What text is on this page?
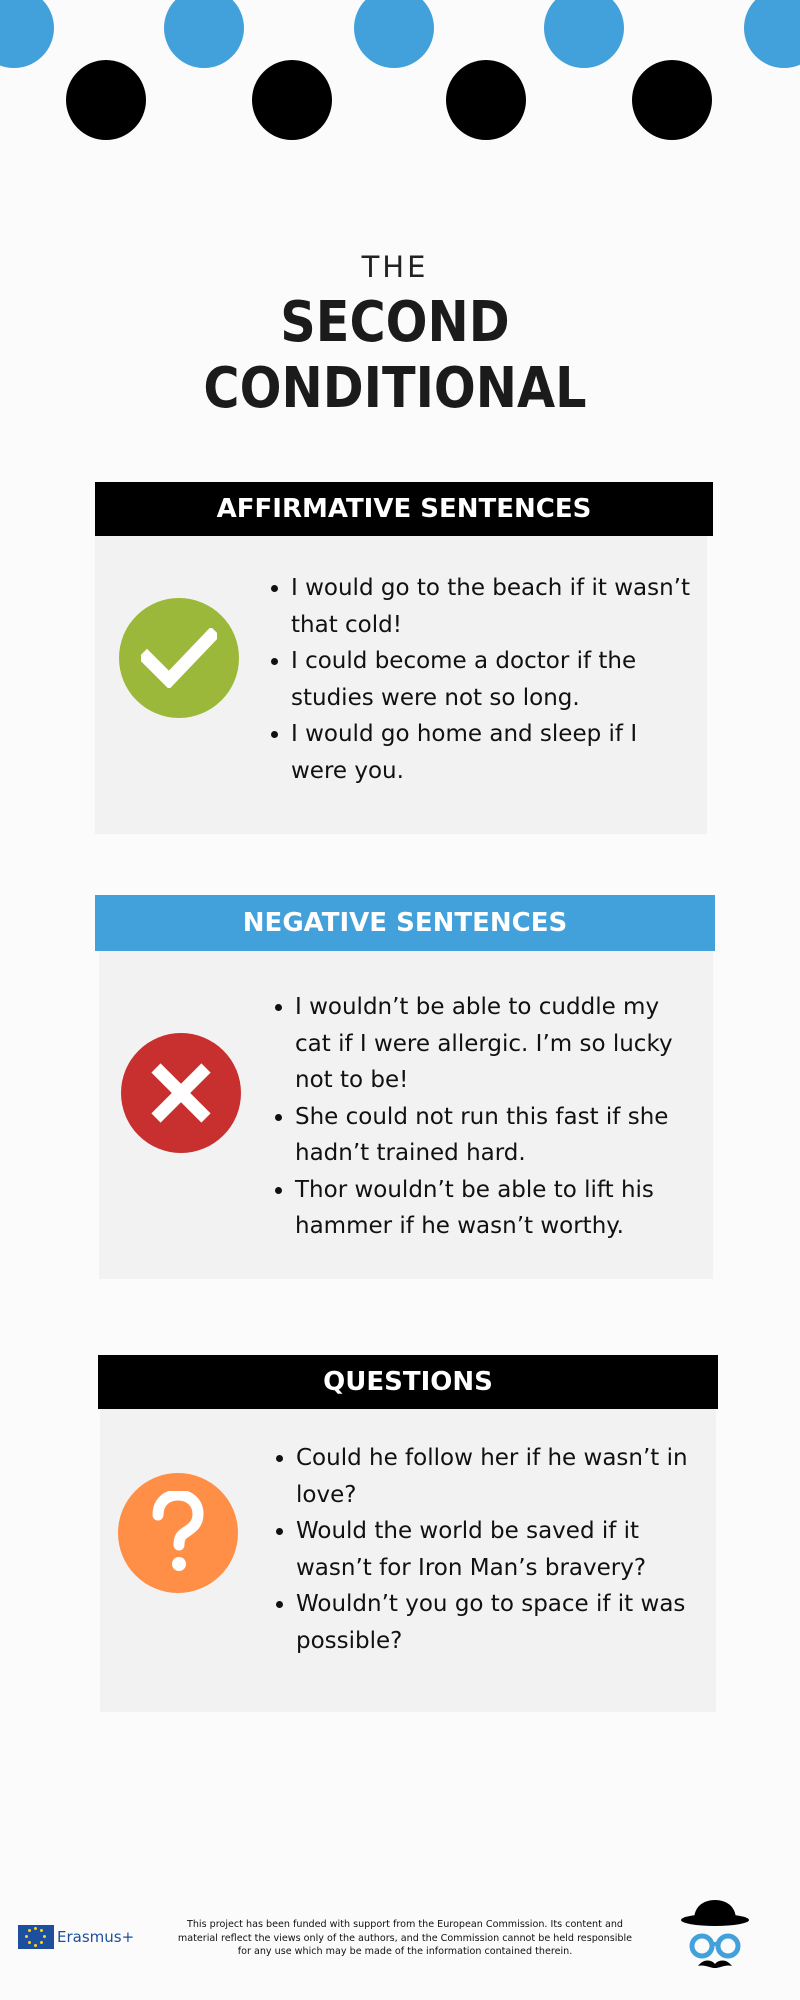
THE
SECOND
CONDITIONAL
AFFIRMATIVE SENTENCES
• I would go to the beach if it wasn’t that cold!
• I could become a doctor if the studies were not so long.
• I would go home and sleep if I were you.
NEGATIVE SENTENCES
• I wouldn’t be able to cuddle my cat if I were allergic. I’m so lucky not to be!
• She could not run this fast if she hadn’t trained hard.
• Thor wouldn’t be able to lift his hammer if he wasn’t worthy.
QUESTIONS
• Could he follow her if he wasn’t in love?
• Would the world be saved if it wasn’t for Iron Man’s bravery?
• Wouldn’t you go to space if it was possible?
Erasmus+
This project has been funded with support from the European Commission. Its content and
material reflect the views only of the authors, and the Commission cannot be held responsible
for any use which may be made of the information contained therein.
